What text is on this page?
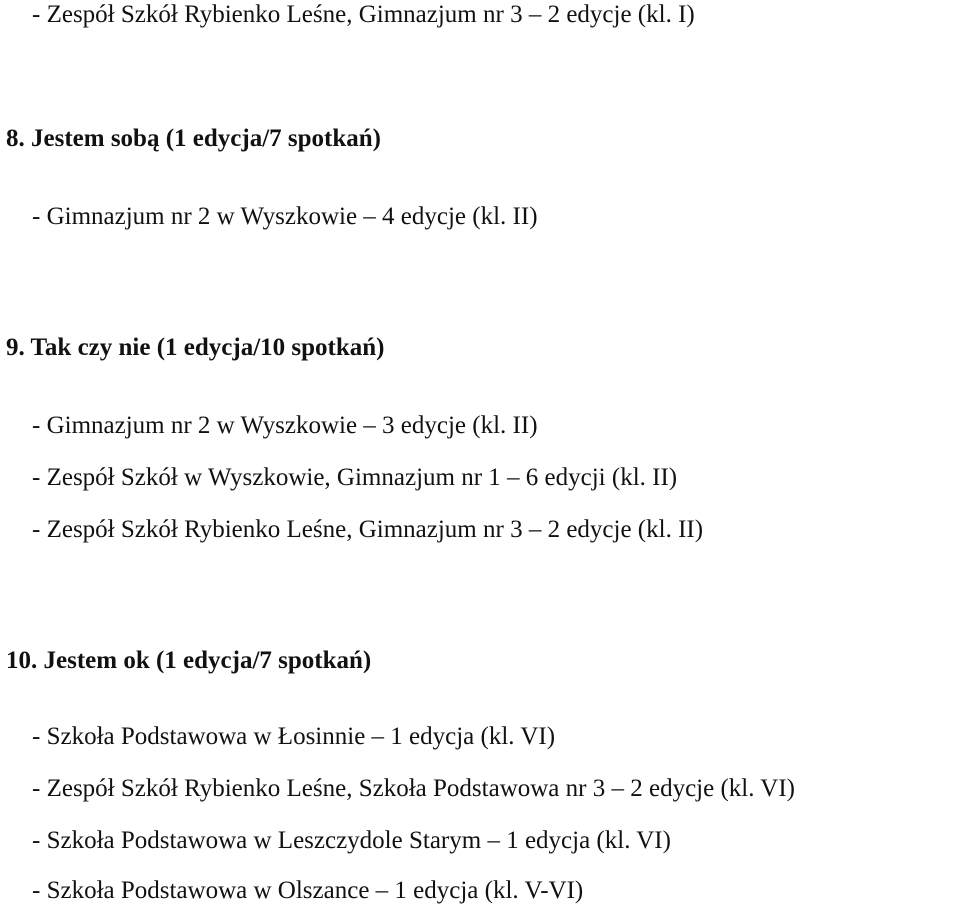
- Zespół Szkół Rybienko Leśne, Gimnazjum nr 3 – 2 edycje (kl. I)
8. Jestem sobą (1 edycja/7 spotkań)
- Gimnazjum nr 2 w Wyszkowie – 4 edycje (kl. II)
9. Tak czy nie (1 edycja/10 spotkań)
- Gimnazjum nr 2 w Wyszkowie – 3 edycje (kl. II)
- Zespół Szkół w Wyszkowie, Gimnazjum nr 1 – 6 edycji (kl. II)
- Zespół Szkół Rybienko Leśne, Gimnazjum nr 3 – 2 edycje (kl. II)
10. Jestem ok (1 edycja/7 spotkań)
- Szkoła Podstawowa w Łosinnie – 1 edycja (kl. VI)
- Zespół Szkół Rybienko Leśne, Szkoła Podstawowa nr 3 – 2 edycje (kl. VI)
- Szkoła Podstawowa w Leszczydole Starym – 1 edycja (kl. VI)
- Szkoła Podstawowa w Olszance – 1 edycja (kl. V-VI)
